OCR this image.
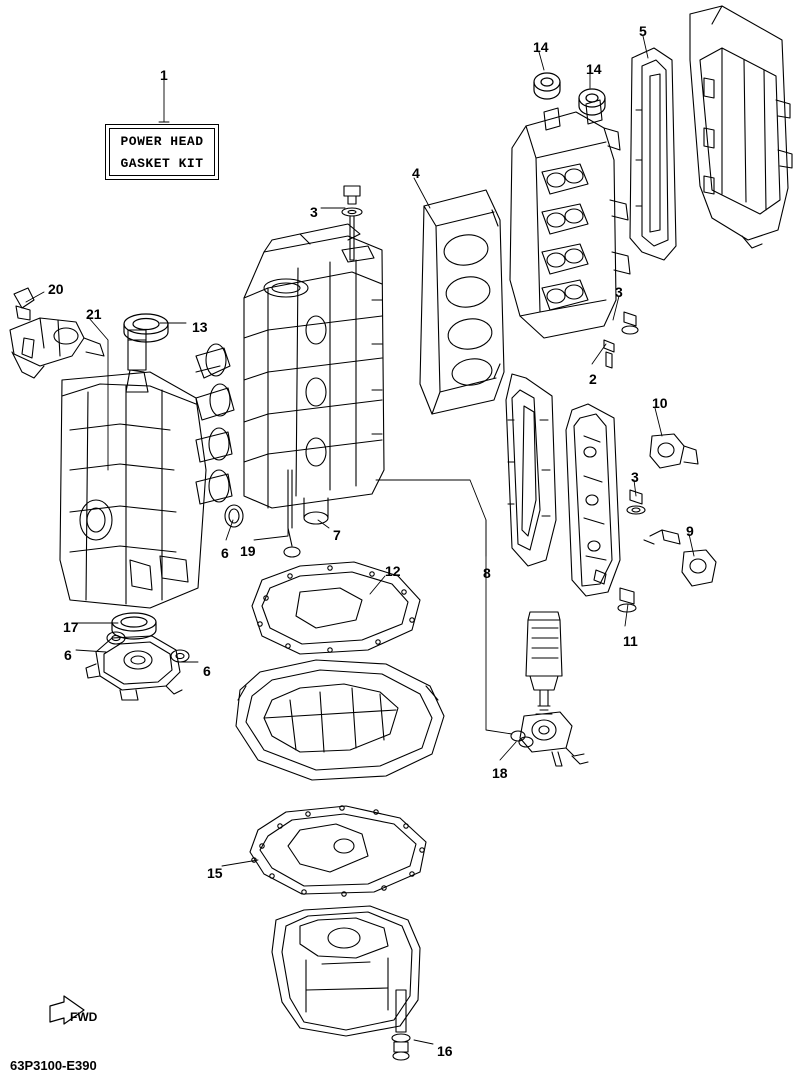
POWER HEAD
GASKET KIT
1
14
5
14
4
3
3
2
20
21
13
10
3
9
6
7
8
19
11
12
17
6
6
18
15
16
FWD
63P3100-E390
